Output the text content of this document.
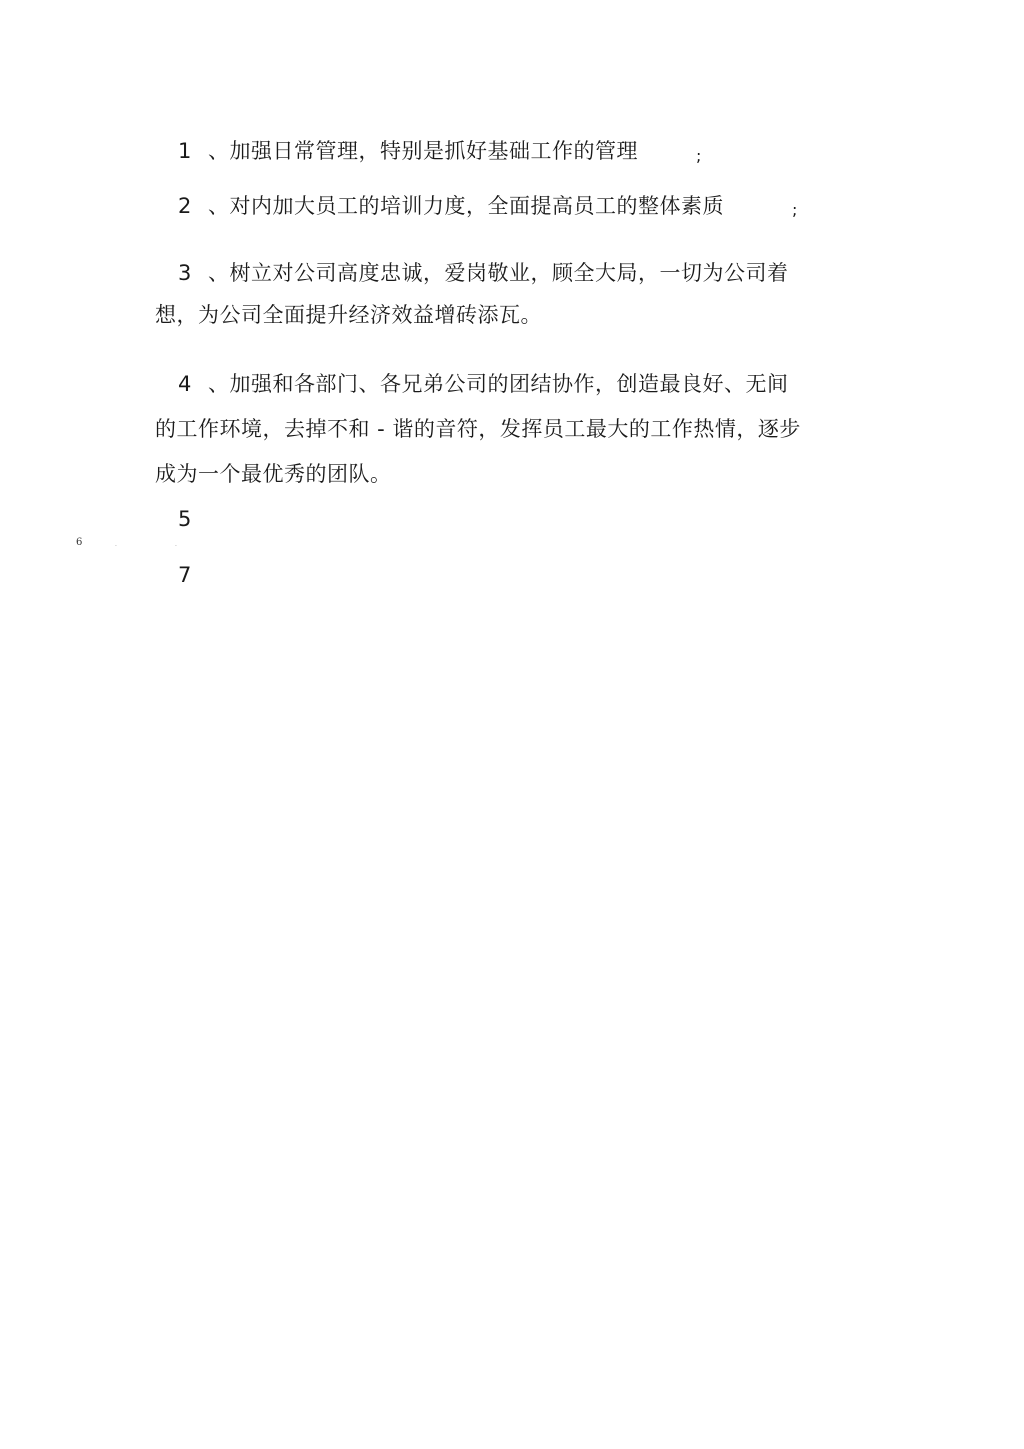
1 、加强日常管理，特别是抓好基础工作的管理	;
2 、对内加大员工的培训力度，全面提高员工的整体素质	;
3 、树立对公司高度忠诚，爱岗敬业，顾全大局，一切为公司着
想，为公司全面提升经济效益增砖添瓦。
4 、加强和各部门、各兄弟公司的团结协作，创造最良好、无间
的工作环境，去掉不和 - 谐的音符，发挥员工最大的工作热情，逐步
成为一个最优秀的团队。
5
6	.	.
7
